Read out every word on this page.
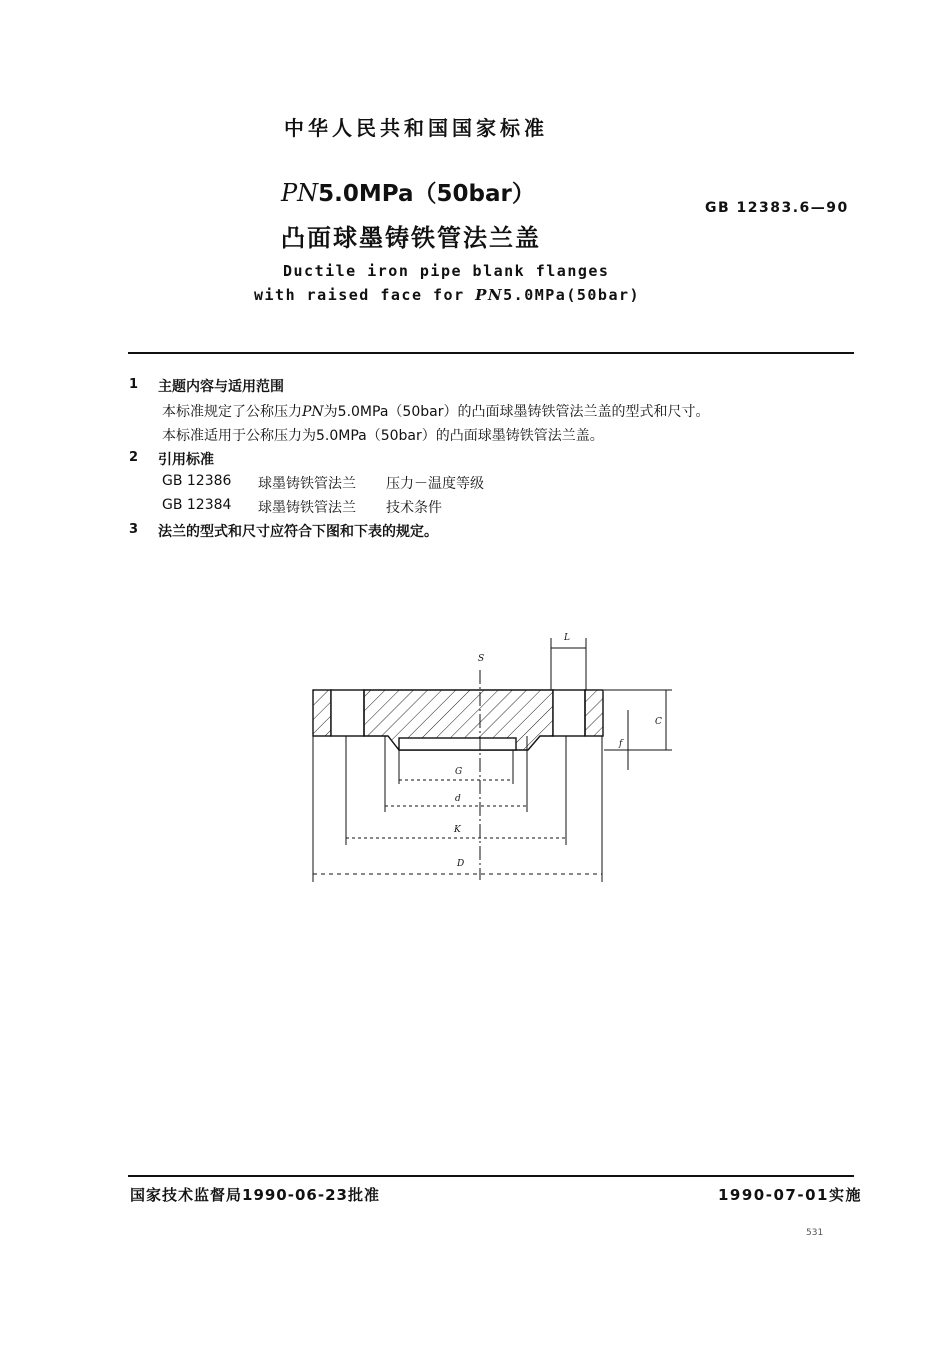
中华人民共和国国家标准
PN5.0MPa（50bar）
凸面球墨铸铁管法兰盖
GB 12383.6—90
Ductile iron pipe blank flanges
with raised face for PN5.0MPa(50bar)
1 主题内容与适用范围
本标准规定了公称压力PN为5.0MPa（50bar）的凸面球墨铸铁管法兰盖的型式和尺寸。
本标准适用于公称压力为5.0MPa（50bar）的凸面球墨铸铁管法兰盖。
2 引用标准
GB 12386 球墨铸铁管法兰 压力－温度等级
GB 12384 球墨铸铁管法兰 技术条件
3 法兰的型式和尺寸应符合下图和下表的规定。
L
S
C
f
G
d
K
D
国家技术监督局1990-06-23批准	1990-07-01实施
531
